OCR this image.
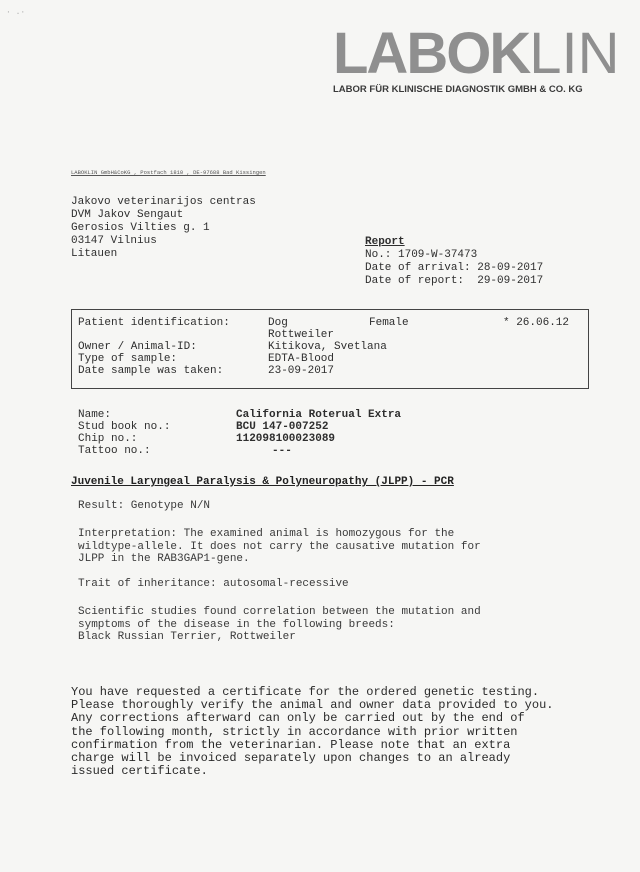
· .·
LABOKLIN
LABOR FÜR KLINISCHE DIAGNOSTIK GMBH & CO. KG
LABOKLIN GmbH&CoKG , Postfach 1810 , DE-97688 Bad Kissingen
Jakovo veterinarijos centras
DVM Jakov Sengaut
Gerosios Vilties g. 1
03147 Vilnius
Litauen
Report
No.: 1709-W-37473
Date of arrival: 28-09-2017
Date of report:  29-09-2017
Patient identification:	Dog	Female	* 26.06.12
Rottweiler
Owner / Animal-ID:	Kitikova, Svetlana
Type of sample:	EDTA-Blood
Date sample was taken:	23-09-2017
Name:	California Roterual Extra
Stud book no.:	BCU 147-007252
Chip no.:	112098100023089
Tattoo no.:	---
Juvenile Laryngeal Paralysis & Polyneuropathy (JLPP) - PCR
Result: Genotype N/N
Interpretation: The examined animal is homozygous for the
wildtype-allele. It does not carry the causative mutation for
JLPP in the RAB3GAP1-gene.
Trait of inheritance: autosomal-recessive
Scientific studies found correlation between the mutation and
symptoms of the disease in the following breeds:
Black Russian Terrier, Rottweiler
You have requested a certificate for the ordered genetic testing.
Please thoroughly verify the animal and owner data provided to you.
Any corrections afterward can only be carried out by the end of
the following month, strictly in accordance with prior written
confirmation from the veterinarian. Please note that an extra
charge will be invoiced separately upon changes to an already
issued certificate.
